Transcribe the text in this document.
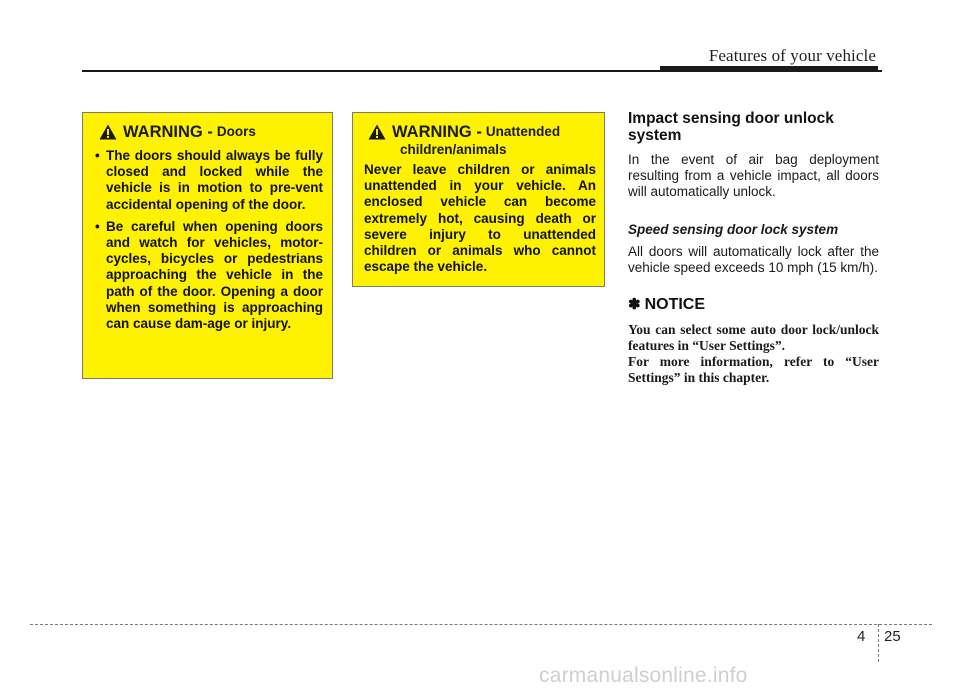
Features of your vehicle
WARNING - Doors
• The doors should always be fully closed and locked while the vehicle is in motion to pre-vent accidental opening of the door.
• Be careful when opening doors and watch for vehicles, motor-cycles, bicycles or pedestrians approaching the vehicle in the path of the door. Opening a door when something is approaching can cause dam-age or injury.
WARNING - Unattended
children/animals

Never leave children or animals unattended in your vehicle. An enclosed vehicle can become extremely hot, causing death or severe injury to unattended children or animals who cannot escape the vehicle.

Impact sensing door unlock system

In the event of air bag deployment resulting from a vehicle impact, all doors will automatically unlock.

Speed sensing door lock system

All doors will automatically lock after the vehicle speed exceeds 10 mph (15 km/h).

✽ NOTICE

You can select some auto door lock/unlock features in “User Settings”.

For more information, refer to “User Settings” in this chapter.

4 25
carmanualsonline.info
